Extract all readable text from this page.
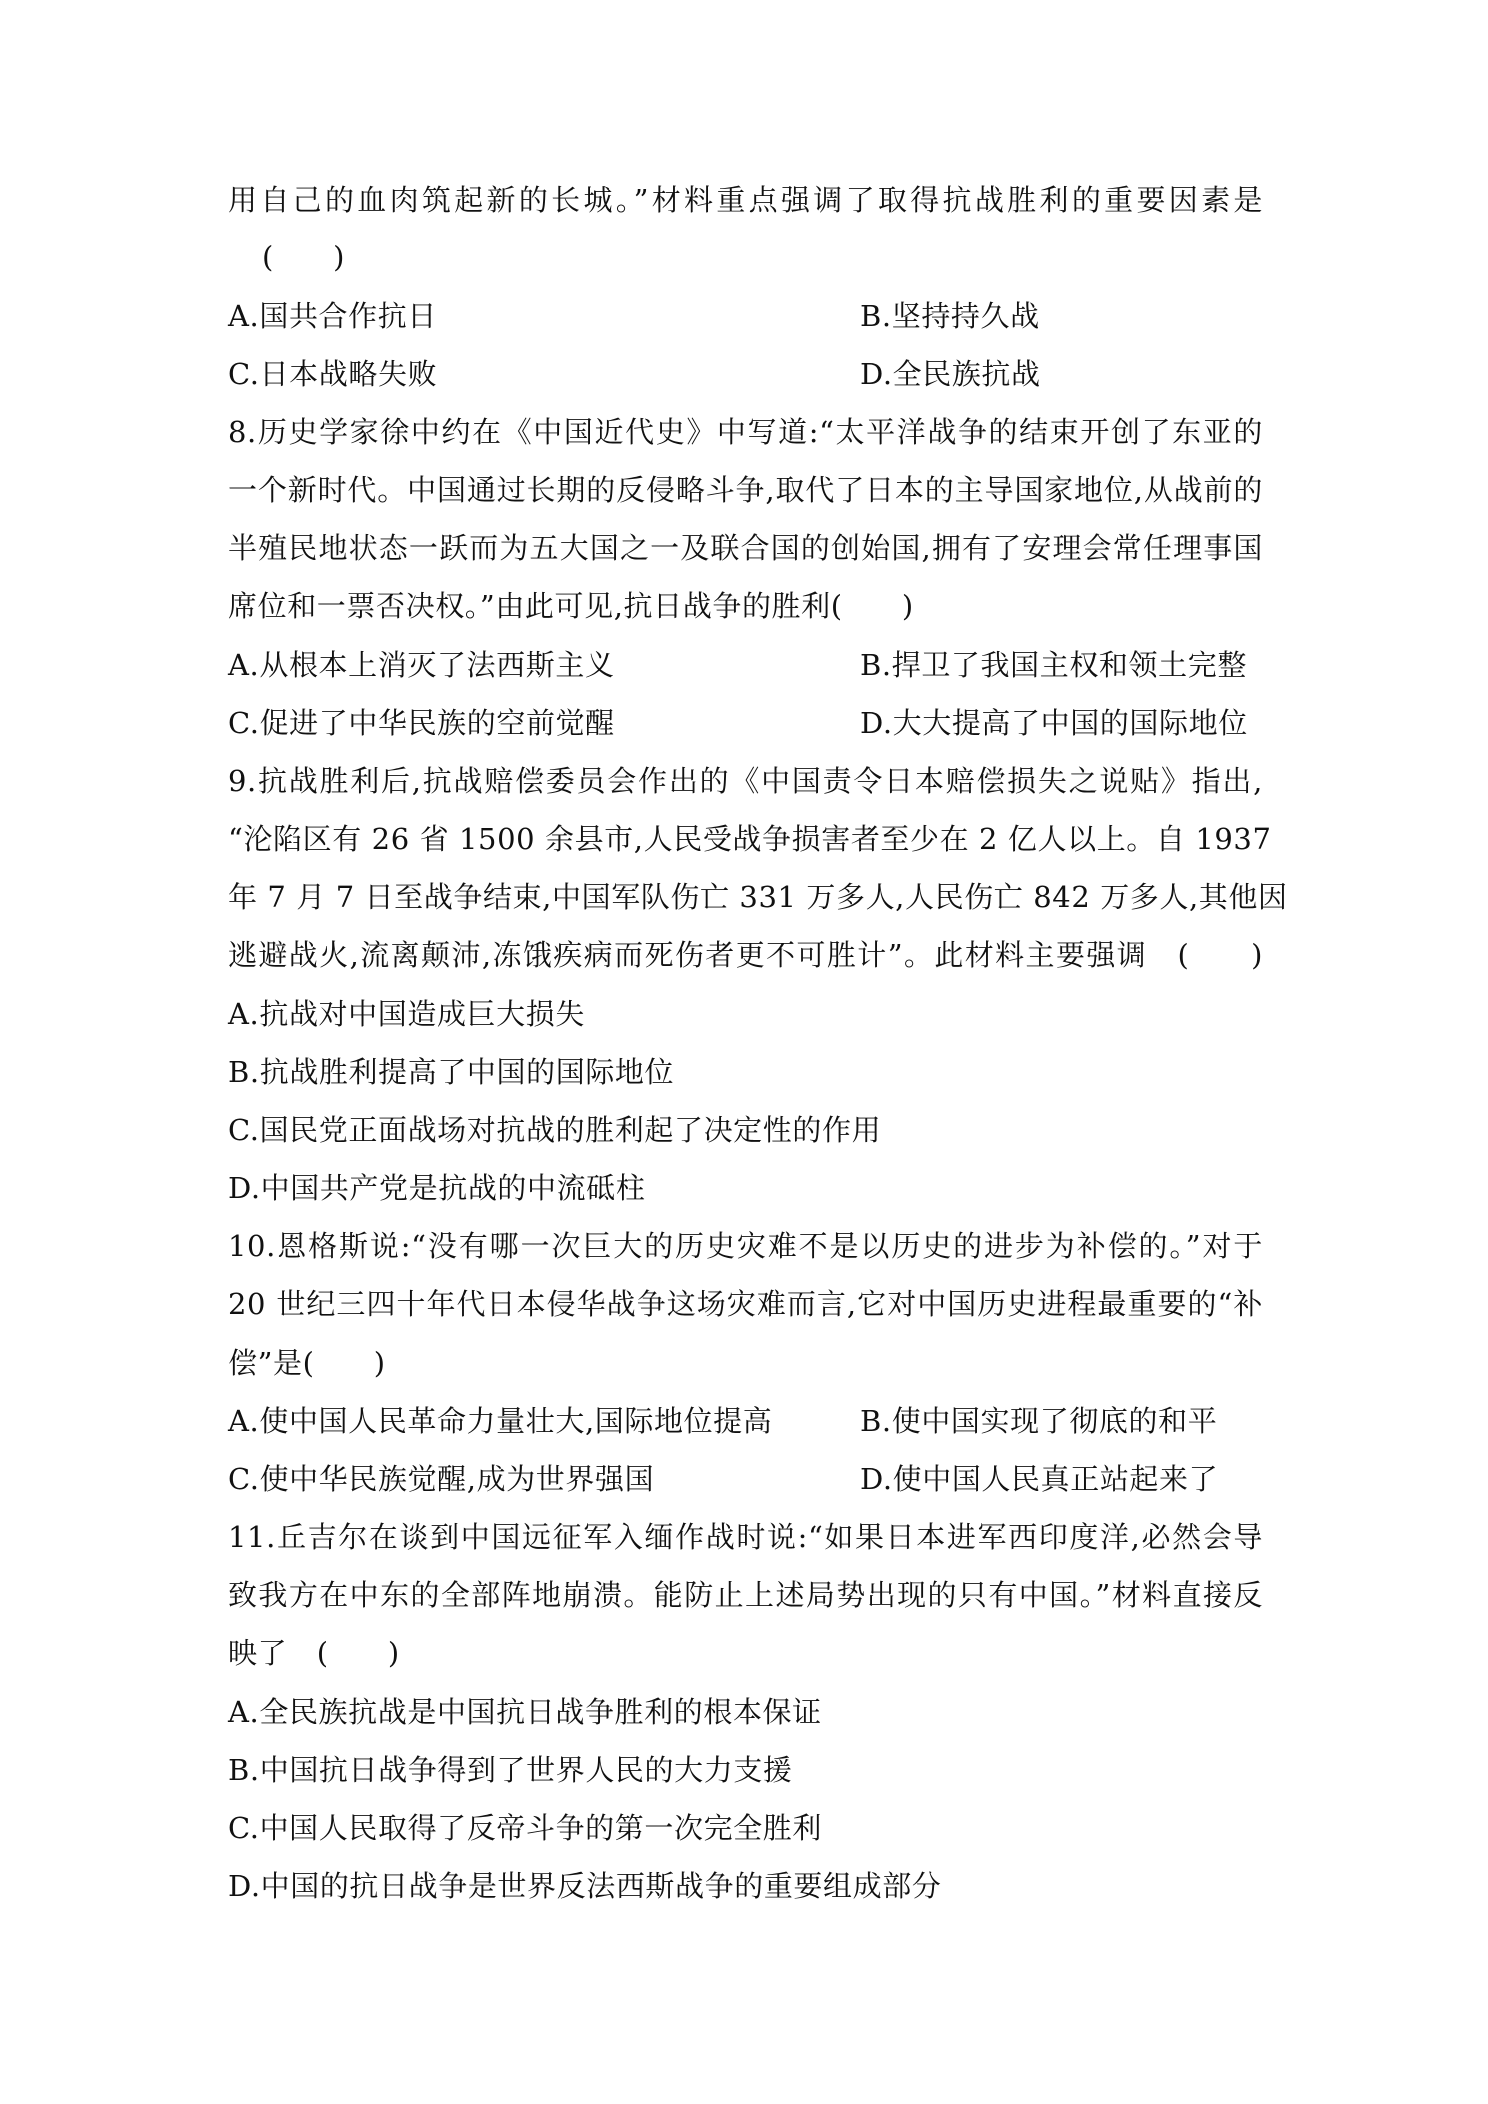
用自己的血肉筑起新的长城。”材料重点强调了取得抗战胜利的重要因素是
(　　)
A.国共合作抗日	B.坚持持久战
C.日本战略失败	D.全民族抗战
8.历史学家徐中约在《中国近代史》中写道:“太平洋战争的结束开创了东亚的
一个新时代。中国通过长期的反侵略斗争,取代了日本的主导国家地位,从战前的
半殖民地状态一跃而为五大国之一及联合国的创始国,拥有了安理会常任理事国
席位和一票否决权。”由此可见,抗日战争的胜利(　　)
A.从根本上消灭了法西斯主义	B.捍卫了我国主权和领土完整
C.促进了中华民族的空前觉醒	D.大大提高了中国的国际地位
9.抗战胜利后,抗战赔偿委员会作出的《中国责令日本赔偿损失之说贴》指出,
“沦陷区有 26 省 1500 余县市,人民受战争损害者至少在 2 亿人以上。自 1937
年 7 月 7 日至战争结束,中国军队伤亡 331 万多人,人民伤亡 842 万多人,其他因
逃避战火,流离颠沛,冻饿疾病而死伤者更不可胜计”。此材料主要强调　(　　)
A.抗战对中国造成巨大损失
B.抗战胜利提高了中国的国际地位
C.国民党正面战场对抗战的胜利起了决定性的作用
D.中国共产党是抗战的中流砥柱
10.恩格斯说:“没有哪一次巨大的历史灾难不是以历史的进步为补偿的。”对于
20 世纪三四十年代日本侵华战争这场灾难而言,它对中国历史进程最重要的“补
偿”是(　　)
A.使中国人民革命力量壮大,国际地位提高	B.使中国实现了彻底的和平
C.使中华民族觉醒,成为世界强国	D.使中国人民真正站起来了
11.丘吉尔在谈到中国远征军入缅作战时说:“如果日本进军西印度洋,必然会导
致我方在中东的全部阵地崩溃。能防止上述局势出现的只有中国。”材料直接反
映了　(　　)
A.全民族抗战是中国抗日战争胜利的根本保证
B.中国抗日战争得到了世界人民的大力支援
C.中国人民取得了反帝斗争的第一次完全胜利
D.中国的抗日战争是世界反法西斯战争的重要组成部分
